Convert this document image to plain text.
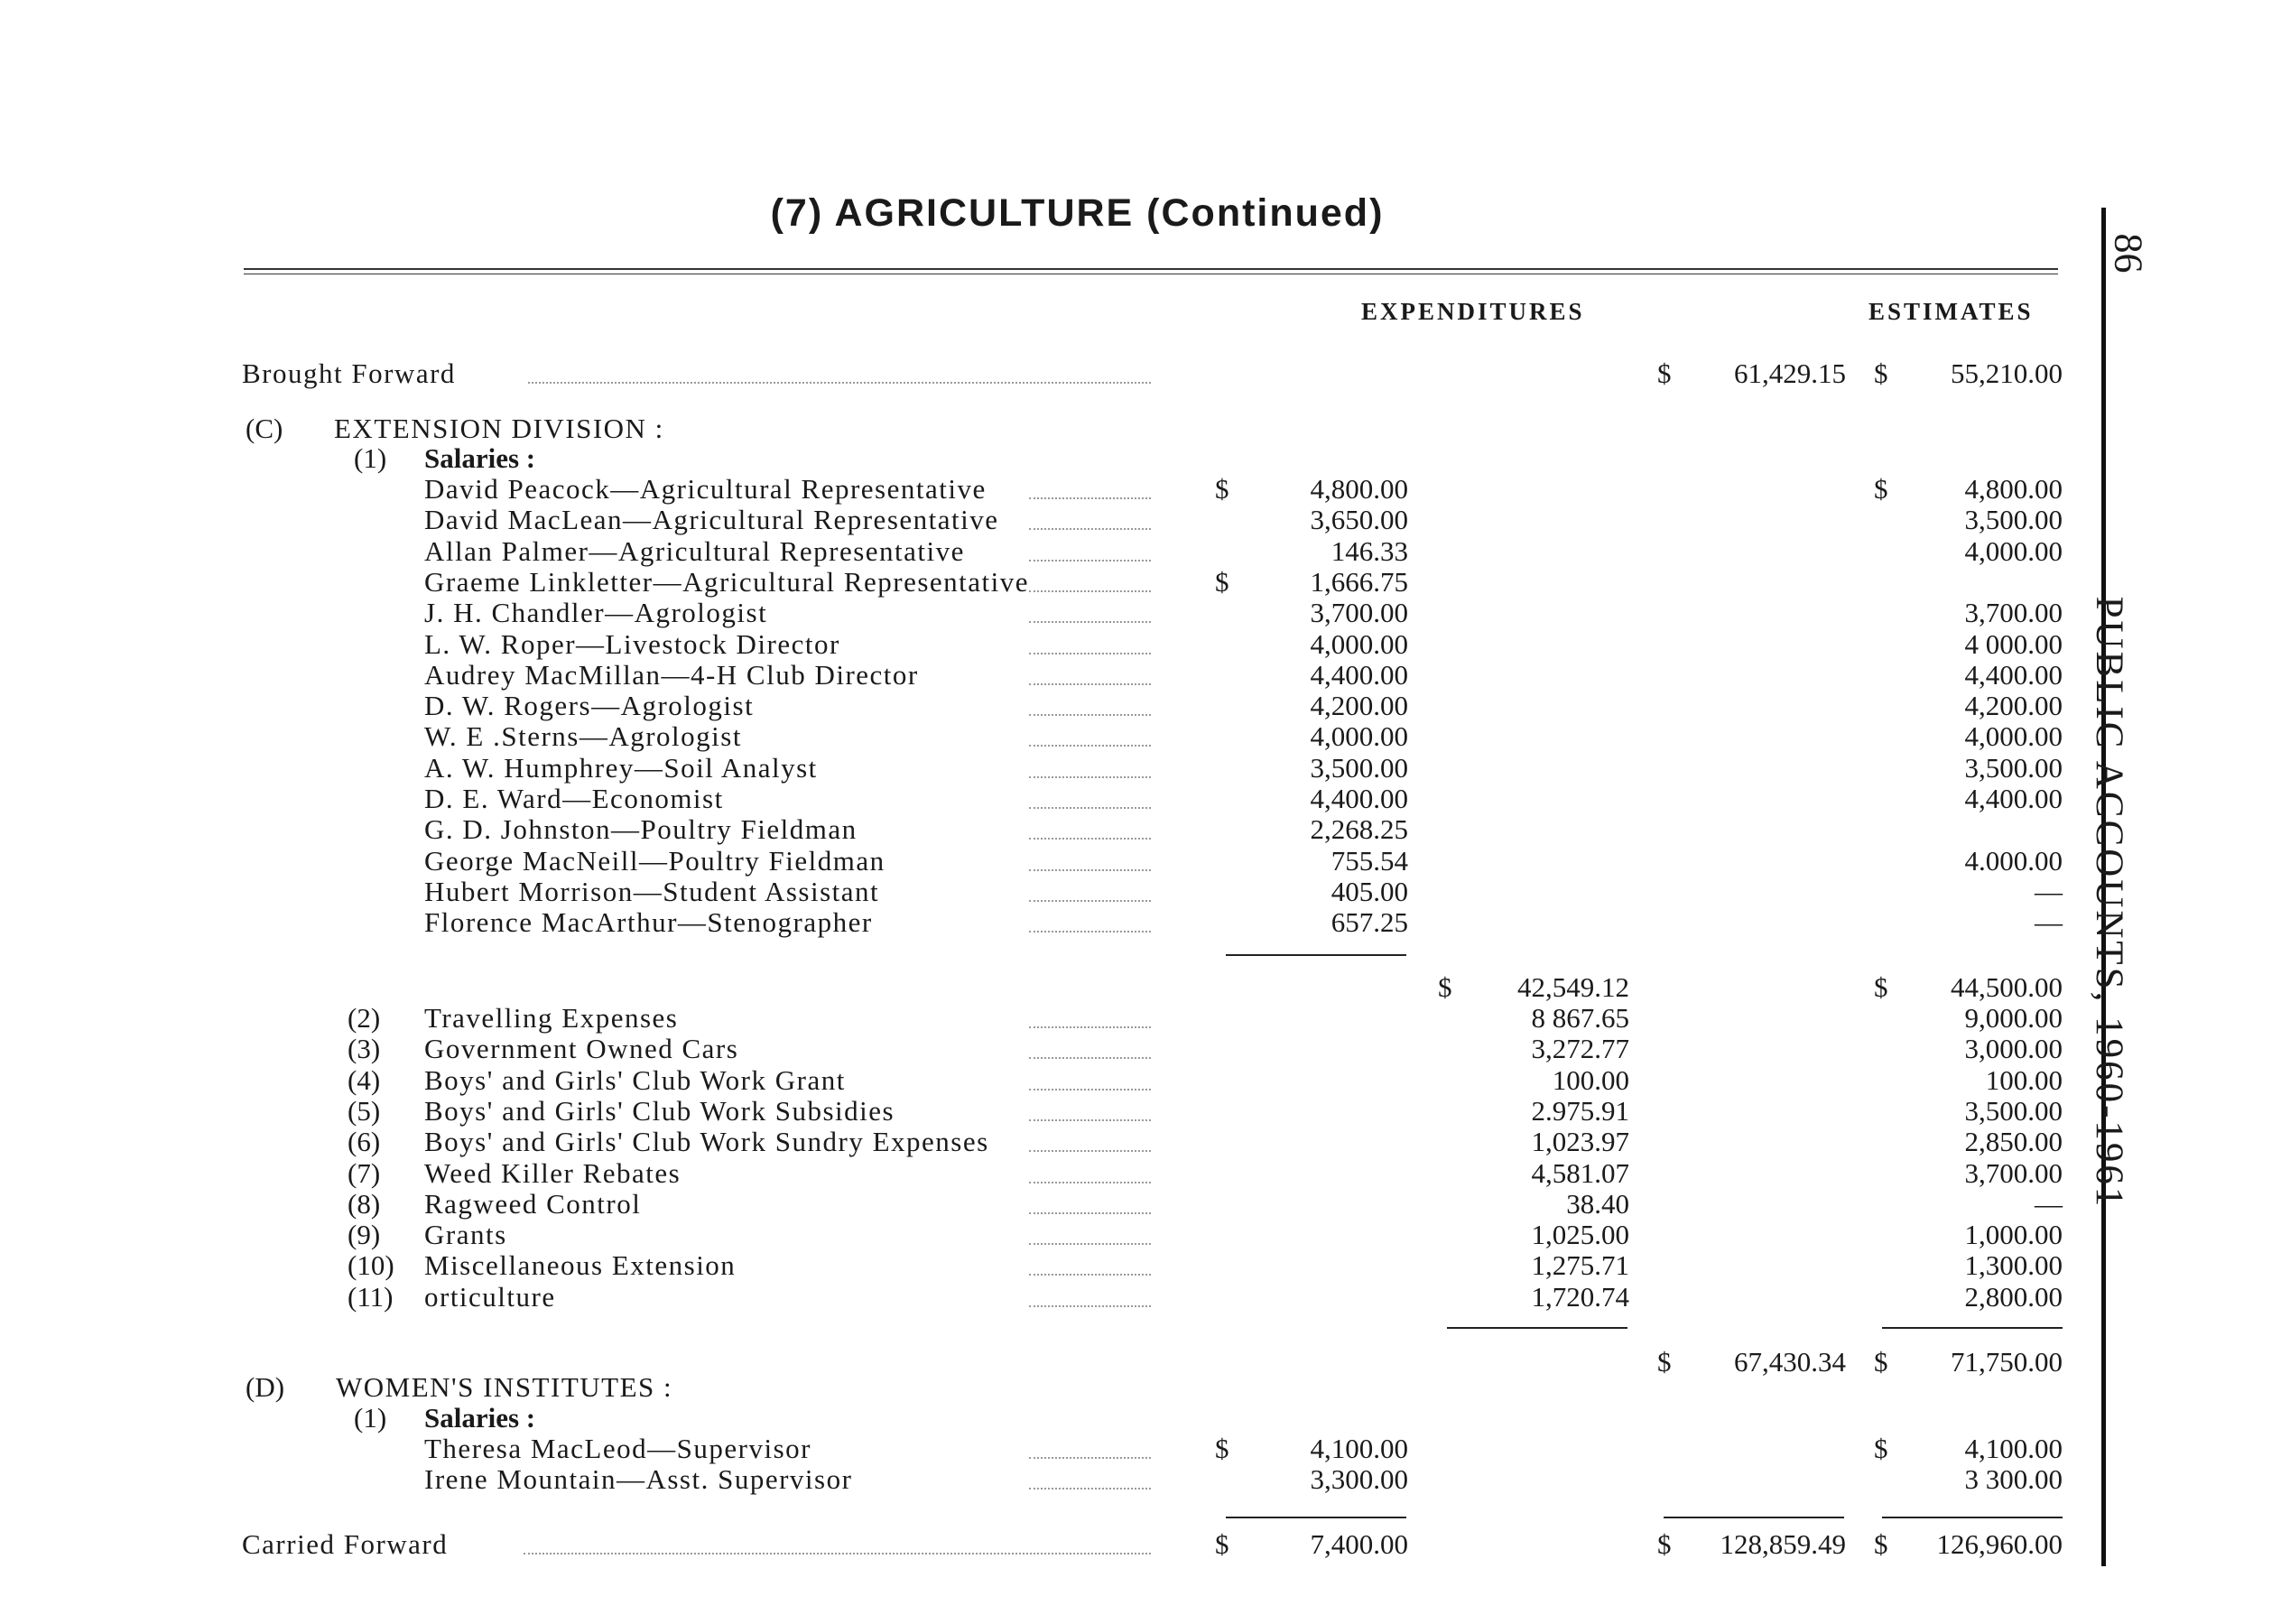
(7) AGRICULTURE (Continued)
EXPENDITURES	ESTIMATES
86
PUBLIC ACCOUNTS, 1960-1961
Brought Forward	$	61,429.15 $	55,210.00
(C) EXTENSION DIVISION :
(1) Salaries :
David Peacock—Agricultural Representative	$	4,800.00	$	4,800.00
David MacLean—Agricultural Representative	3,650.00	3,500.00
Allan Palmer—Agricultural Representative	146.33	4,000.00
Graeme Linkletter—Agricultural Representative	$	1,666.75
J. H. Chandler—Agrologist	3,700.00	3,700.00
L. W. Roper—Livestock Director	4,000.00	4 000.00
Audrey MacMillan—4-H Club Director	4,400.00	4,400.00
D. W. Rogers—Agrologist	4,200.00	4,200.00
W. E .Sterns—Agrologist	4,000.00	4,000.00
A. W. Humphrey—Soil Analyst	3,500.00	3,500.00
D. E. Ward—Economist	4,400.00	4,400.00
G. D. Johnston—Poultry Fieldman	2,268.25
George MacNeill—Poultry Fieldman	755.54	4.000.00
Hubert Morrison—Student Assistant	405.00	—
Florence MacArthur—Stenographer	657.25	—
$	42,549.12	$	44,500.00
(2) Travelling Expenses	8 867.65	9,000.00
(3) Government Owned Cars	3,272.77	3,000.00
(4) Boys' and Girls' Club Work Grant	100.00	100.00
(5) Boys' and Girls' Club Work Subsidies	2.975.91	3,500.00
(6) Boys' and Girls' Club Work Sundry Expenses	1,023.97	2,850.00
(7) Weed Killer Rebates	4,581.07	3,700.00
(8) Ragweed Control	38.40	—
(9) Grants	1,025.00	1,000.00
(10) Miscellaneous Extension	1,275.71	1,300.00
(11) orticulture	1,720.74	2,800.00
$	67,430.34 $	71,750.00
(D) WOMEN'S INSTITUTES :
(1) Salaries :
Theresa MacLeod—Supervisor	$	4,100.00	$	4,100.00
Irene Mountain—Asst. Supervisor	3,300.00	3 300.00
Carried Forward	$	7,400.00	$	128,859.49 $	126,960.00
